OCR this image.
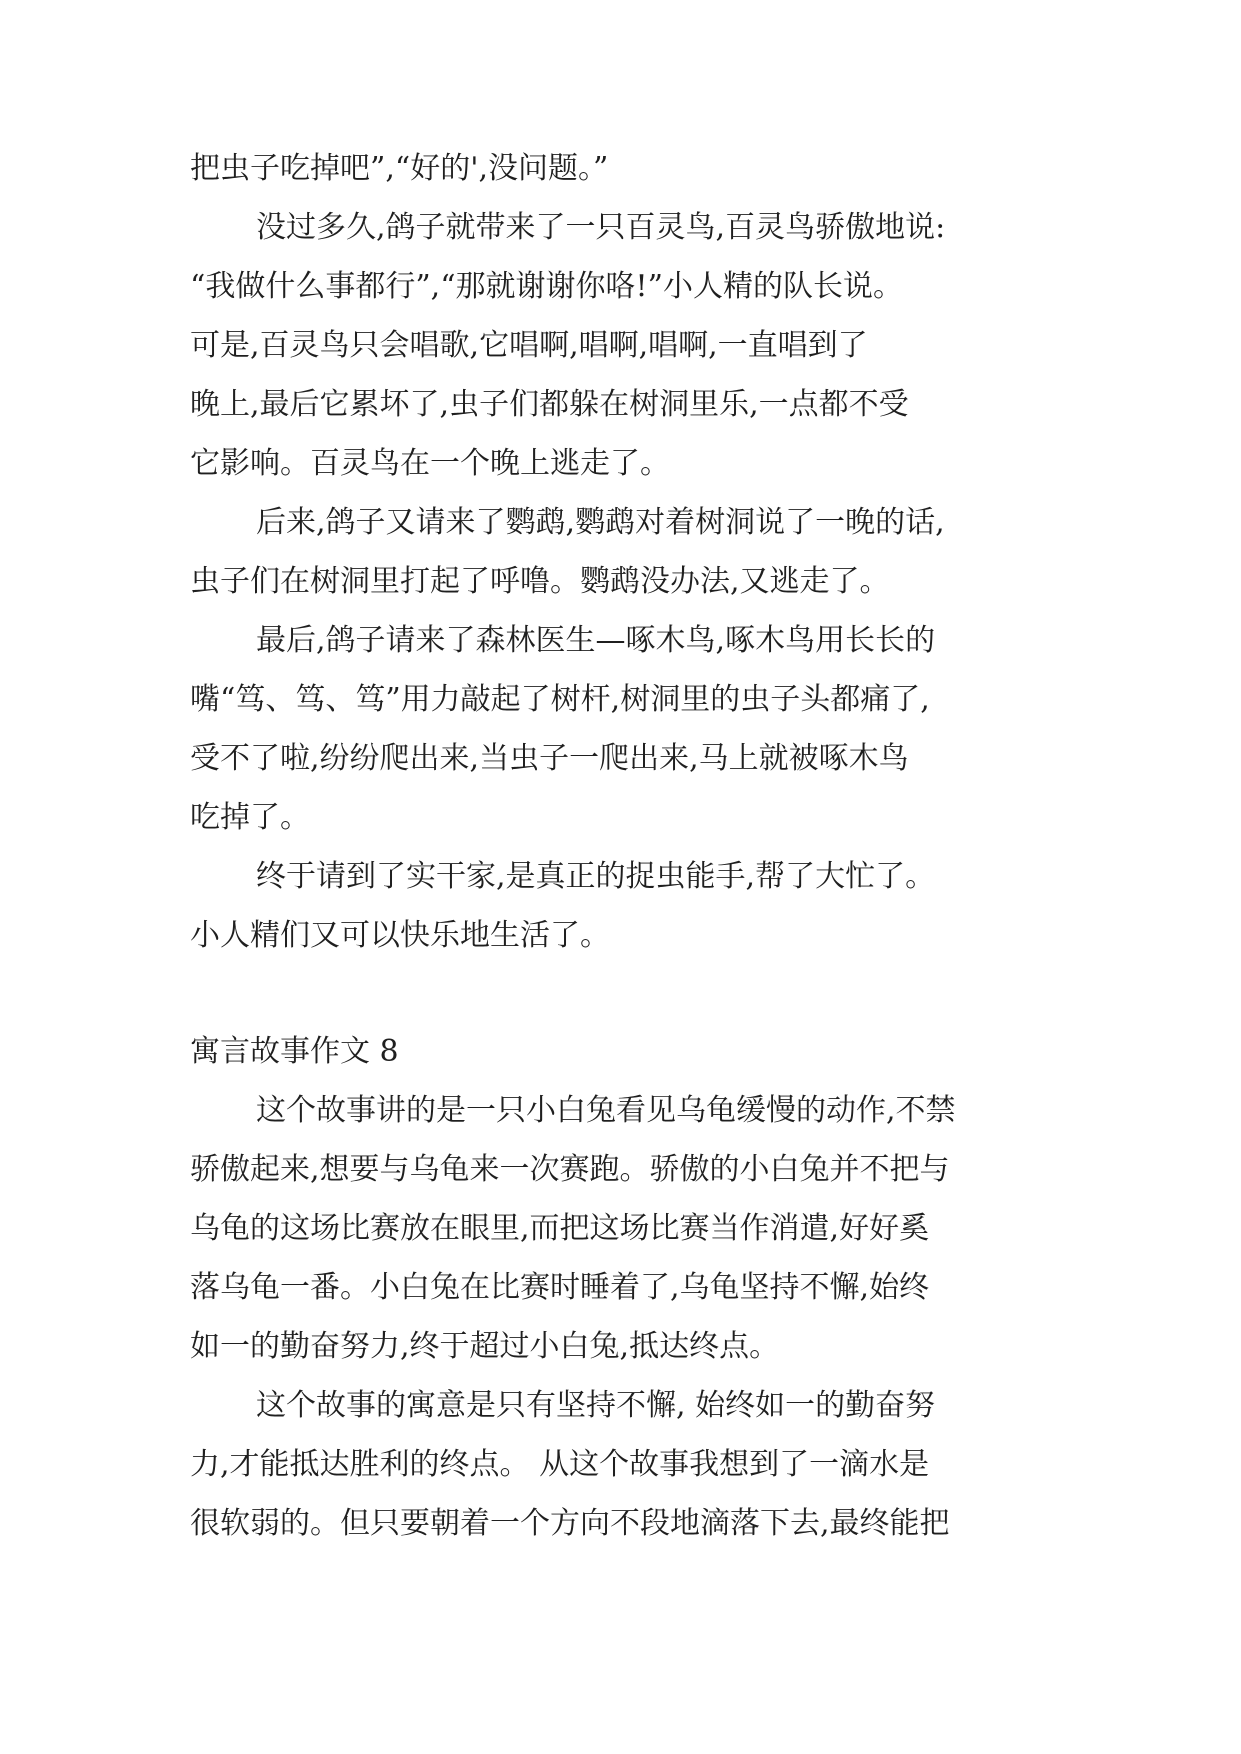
把虫子吃掉吧”,“好的',没问题。”

没过多久,鸽子就带来了一只百灵鸟,百灵鸟骄傲地说:

“我做什么事都行”,“那就谢谢你咯!”小人精的队长说。

可是,百灵鸟只会唱歌,它唱啊,唱啊,唱啊,一直唱到了

晚上,最后它累坏了,虫子们都躲在树洞里乐,一点都不受

它影响。百灵鸟在一个晚上逃走了。

后来,鸽子又请来了鹦鹉,鹦鹉对着树洞说了一晚的话,

虫子们在树洞里打起了呼噜。鹦鹉没办法,又逃走了。

最后,鸽子请来了森林医生—啄木鸟,啄木鸟用长长的

嘴“笃、笃、笃”用力敲起了树杆,树洞里的虫子头都痛了,

受不了啦,纷纷爬出来,当虫子一爬出来,马上就被啄木鸟

吃掉了。

终于请到了实干家,是真正的捉虫能手,帮了大忙了。

小人精们又可以快乐地生活了。

寓言故事作文 8

这个故事讲的是一只小白兔看见乌龟缓慢的动作,不禁

骄傲起来,想要与乌龟来一次赛跑。骄傲的小白兔并不把与

乌龟的这场比赛放在眼里,而把这场比赛当作消遣,好好奚

落乌龟一番。小白兔在比赛时睡着了,乌龟坚持不懈,始终

如一的勤奋努力,终于超过小白兔,抵达终点。

这个故事的寓意是只有坚持不懈, 始终如一的勤奋努

力,才能抵达胜利的终点。 从这个故事我想到了一滴水是

很软弱的。但只要朝着一个方向不段地滴落下去,最终能把
